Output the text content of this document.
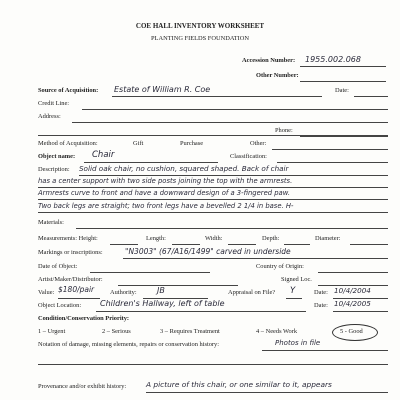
COE HALL INVENTORY WORKSHEET
PLANTING FIELDS FOUNDATION
Accession Number: 1955.002.068
Other Number:
Source of Acquisition: Estate of William R. Coe	Date:
Credit Line:
Address:
Phone:
Method of Acquisition:	Gift	Purchase	Other:
Object name: Chair	Classification:
Description: Solid oak chair, no cushion, squared shaped. Back of chair
has a center support with two side posts joining the top with the armrests.
Armrests curve to front and have a downward design of a 3-fingered paw.
Two back legs are straight; two front legs have a bevelled 2 1/4 in base. H-
Materials:
Measurements: Height:	Length:	Width:	Depth:	Diameter:
Markings or inscriptions:	"N3003" (67/A16/1499" carved in underside
Date of Object:	Country of Origin:
Artist/Maker/Distributor:	Signed Loc.
Value: $180/pair Authority:	JB	Appraisal on File? Y	Date: 10/4/2004
Object Location: Children's Hallway, left of table	Date: 10/4/2005
Condition/Conservation Priority:
1 – Urgent	2 – Serious	3 – Requires Treatment	4 – Needs Work	5 - Good
Notation of damage, missing elements, repairs or conservation history:	Photos in file
Provenance and/or exhibit history:	A picture of this chair, or one similar to it, appears
